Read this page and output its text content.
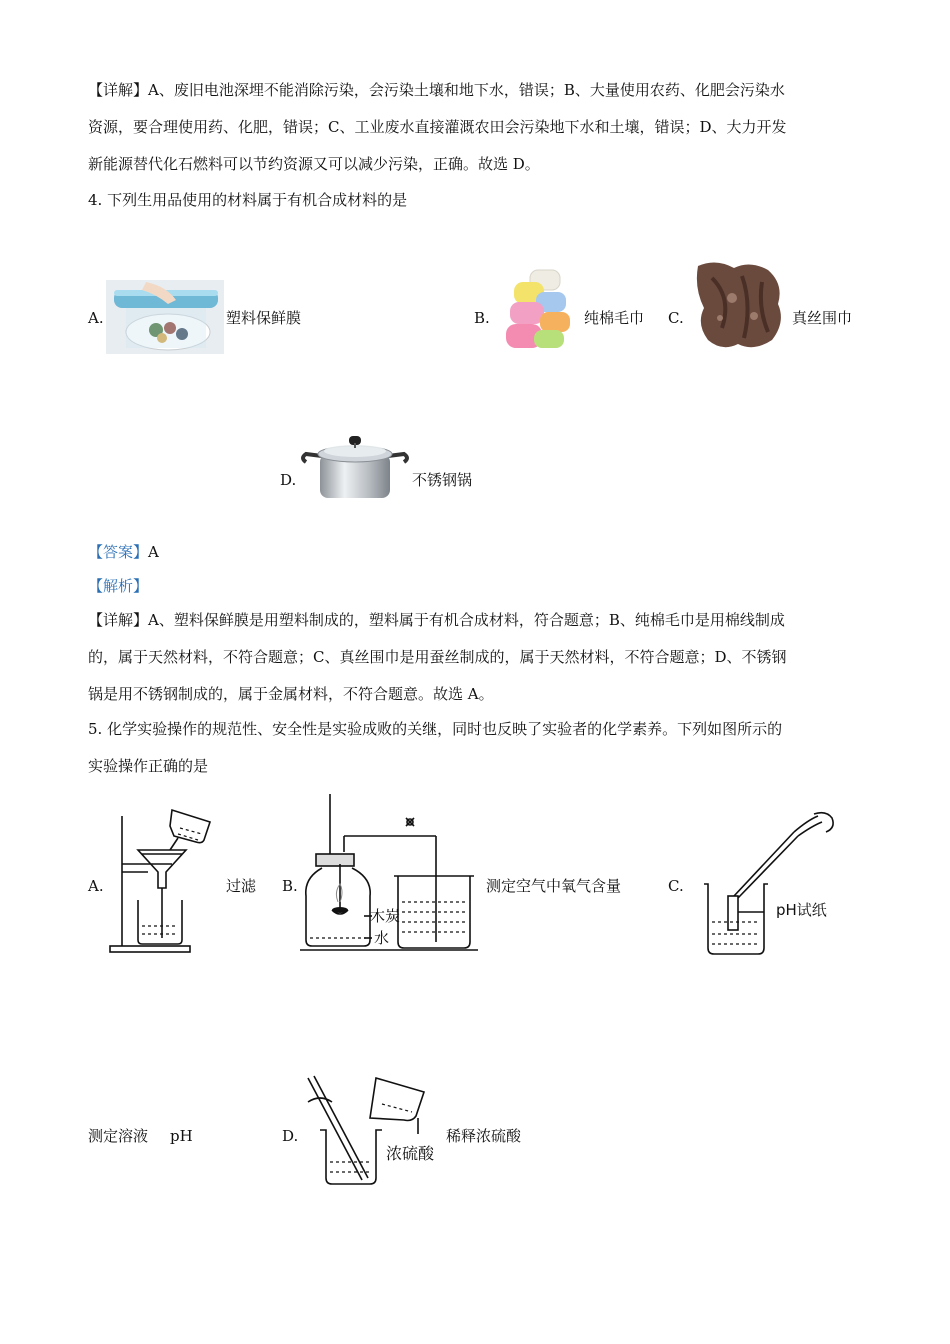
【详解】A、废旧电池深埋不能消除污染，会污染土壤和地下水，错误；B、大量使用农药、化肥会污染水
资源，要合理使用药、化肥，错误；C、工业废水直接灌溉农田会污染地下水和土壤，错误；D、大力开发
新能源替代化石燃料可以节约资源又可以减少污染，正确。故选 D。
4. 下列生用品使用的材料属于有机合成材料的是
A.	塑料保鲜膜	B.	纯棉毛巾 C.	真丝围巾
D.	不锈钢锅
【答案】A
【解析】
【详解】A、塑料保鲜膜是用塑料制成的，塑料属于有机合成材料，符合题意；B、纯棉毛巾是用棉线制成
的，属于天然材料，不符合题意；C、真丝围巾是用蚕丝制成的，属于天然材料，不符合题意；D、不锈钢
锅是用不锈钢制成的，属于金属材料，不符合题意。故选 A。
5. 化学实验操作的规范性、安全性是实验成败的关继，同时也反映了实验者的化学素养。下列如图所示的
实验操作正确的是
A.	过滤 B.
木炭
水
测定空气中氧气含量	C.
pH试纸
测定溶液 pH	D.
浓硫酸
稀释浓硫酸
